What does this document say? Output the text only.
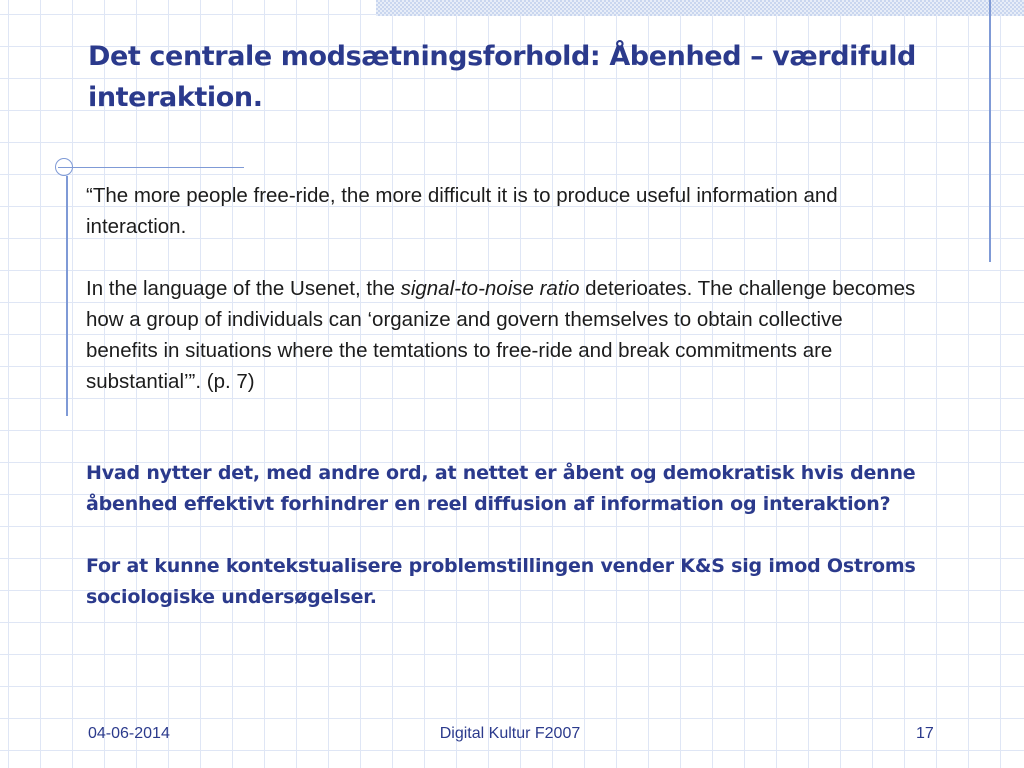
Det centrale modsætningsforhold: Åbenhed – værdifuld interaktion.

“The more people free-ride, the more difficult it is to produce useful information and interaction.

In the language of the Usenet, the signal-to-noise ratio deterioates. The challenge becomes how a group of individuals can ‘organize and govern themselves to obtain collective benefits in situations where the temtations to free-ride and break commitments are substantial’”. (p. 7)

Hvad nytter det, med andre ord, at nettet er åbent og demokratisk hvis denne åbenhed effektivt forhindrer en reel diffusion af information og interaktion?

For at kunne kontekstualisere problemstillingen vender K&S sig imod Ostroms sociologiske undersøgelser.

04-06-2014	Digital Kultur F2007	17
